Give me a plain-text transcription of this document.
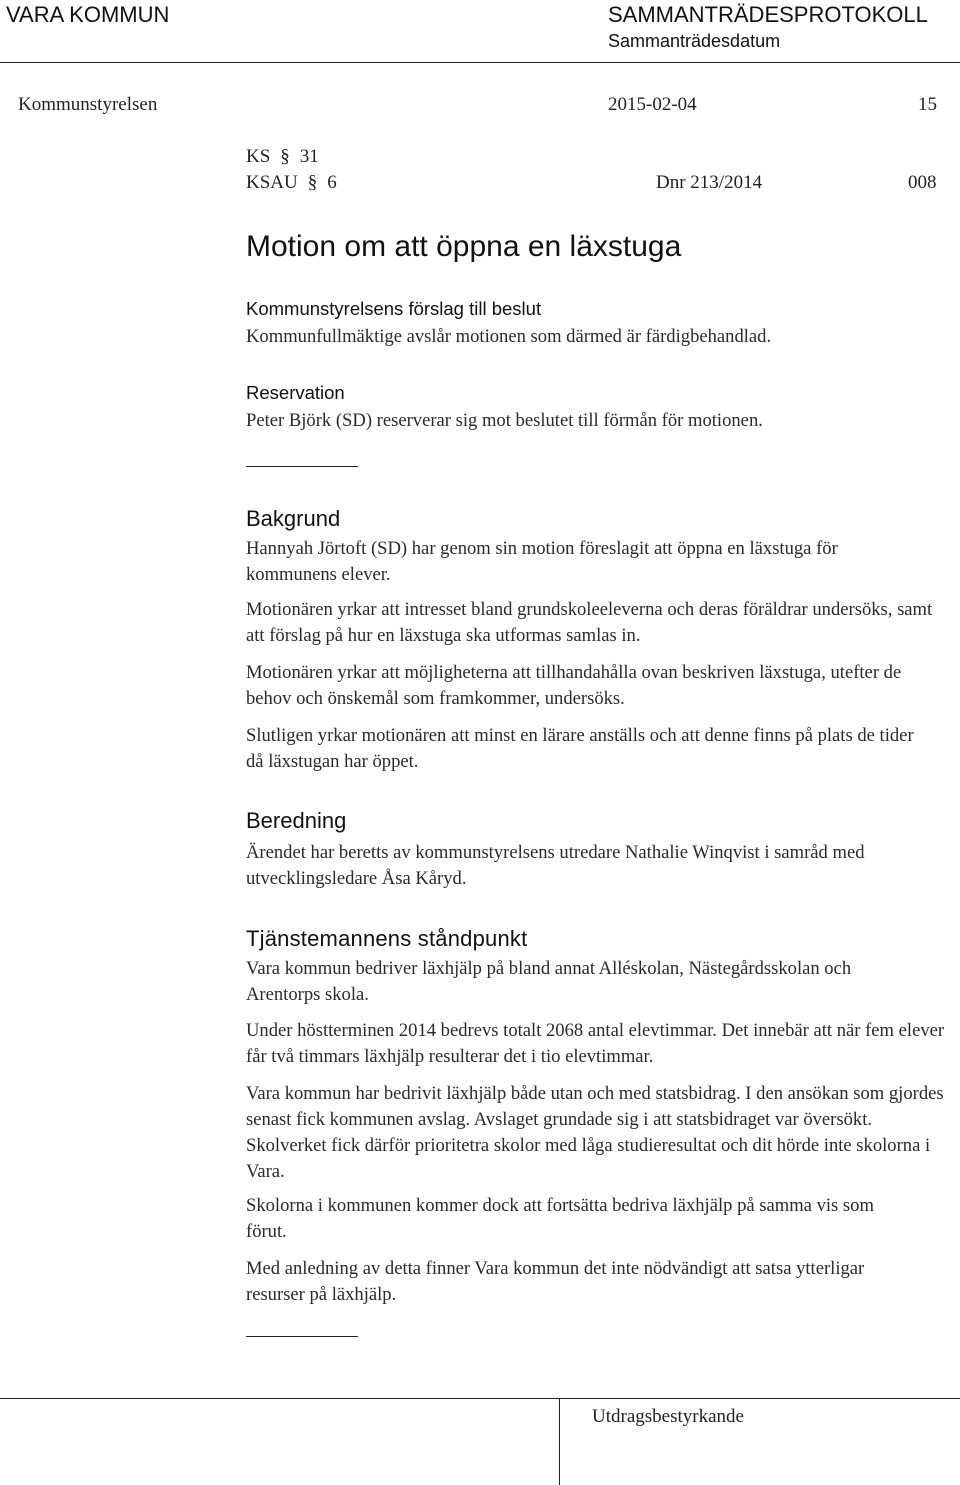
VARA KOMMUN	SAMMANTRÄDESPROTOKOLL
Sammanträdesdatum
Kommunstyrelsen	2015-02-04	15
KS § 31
KSAU § 6	Dnr 213/2014	008
Motion om att öppna en läxstuga
Kommunstyrelsens förslag till beslut
Kommunfullmäktige avslår motionen som därmed är färdigbehandlad.
Reservation
Peter Björk (SD) reserverar sig mot beslutet till förmån för motionen.
Bakgrund
Hannyah Jörtoft (SD) har genom sin motion föreslagit att öppna en läxstuga för kommunens elever.
Motionären yrkar att intresset bland grundskoleeleverna och deras föräldrar undersöks, samt att förslag på hur en läxstuga ska utformas samlas in.
Motionären yrkar att möjligheterna att tillhandahålla ovan beskriven läxstuga, utefter de behov och önskemål som framkommer, undersöks.
Slutligen yrkar motionären att minst en lärare anställs och att denne finns på plats de tider då läxstugan har öppet.
Beredning
Ärendet har beretts av kommunstyrelsens utredare Nathalie Winqvist i samråd med utvecklingsledare Åsa Kåryd.
Tjänstemannens ståndpunkt
Vara kommun bedriver läxhjälp på bland annat Alléskolan, Nästegårdsskolan och Arentorps skola.
Under höstterminen 2014 bedrevs totalt 2068 antal elevtimmar. Det innebär att när fem elever får två timmars läxhjälp resulterar det i tio elevtimmar.
Vara kommun har bedrivit läxhjälp både utan och med statsbidrag. I den ansökan som gjordes senast fick kommunen avslag. Avslaget grundade sig i att statsbidraget var översökt. Skolverket fick därför prioritetra skolor med låga studieresultat och dit hörde inte skolorna i Vara.
Skolorna i kommunen kommer dock att fortsätta bedriva läxhjälp på samma vis som förut.
Med anledning av detta finner Vara kommun det inte nödvändigt att satsa ytterligar resurser på läxhjälp.
Utdragsbestyrkande
